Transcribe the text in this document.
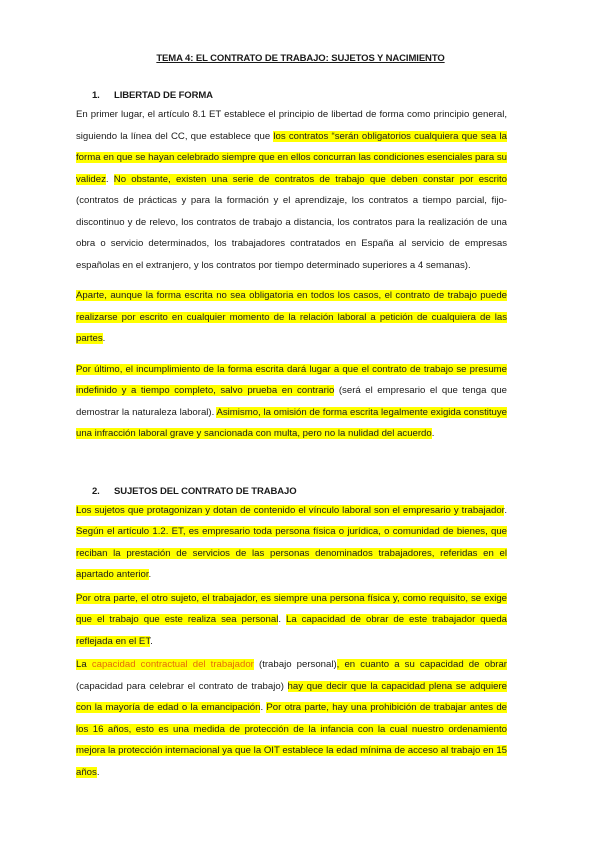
TEMA 4: EL CONTRATO DE TRABAJO: SUJETOS Y NACIMIENTO
1. LIBERTAD DE FORMA

En primer lugar, el artículo 8.1 ET establece el principio de libertad de forma como principio general, siguiendo la línea del CC, que establece que los contratos “serán obligatorios cualquiera que sea la forma en que se hayan celebrado siempre que en ellos concurran las condiciones esenciales para su validez. No obstante, existen una serie de contratos de trabajo que deben constar por escrito (contratos de prácticas y para la formación y el aprendizaje, los contratos a tiempo parcial, fijo-discontinuo y de relevo, los contratos de trabajo a distancia, los contratos para la realización de una obra o servicio determinados, los trabajadores contratados en España al servicio de empresas españolas en el extranjero, y los contratos por tiempo determinado superiores a 4 semanas).

Aparte, aunque la forma escrita no sea obligatoria en todos los casos, el contrato de trabajo puede realizarse por escrito en cualquier momento de la relación laboral a petición de cualquiera de las partes.

Por último, el incumplimiento de la forma escrita dará lugar a que el contrato de trabajo se presume indefinido y a tiempo completo, salvo prueba en contrario (será el empresario el que tenga que demostrar la naturaleza laboral). Asimismo, la omisión de forma escrita legalmente exigida constituye una infracción laboral grave y sancionada con multa, pero no la nulidad del acuerdo.

2. SUJETOS DEL CONTRATO DE TRABAJO

Los sujetos que protagonizan y dotan de contenido el vínculo laboral son el empresario y trabajador. Según el artículo 1.2. ET, es empresario toda persona física o jurídica, o comunidad de bienes, que reciban la prestación de servicios de las personas denominados trabajadores, referidas en el apartado anterior.

Por otra parte, el otro sujeto, el trabajador, es siempre una persona física y, como requisito, se exige que el trabajo que este realiza sea personal. La capacidad de obrar de este trabajador queda reflejada en el ET.

La capacidad contractual del trabajador (trabajo personal), en cuanto a su capacidad de obrar (capacidad para celebrar el contrato de trabajo) hay que decir que la capacidad plena se adquiere con la mayoría de edad o la emancipación. Por otra parte, hay una prohibición de trabajar antes de los 16 años, esto es una medida de protección de la infancia con la cual nuestro ordenamiento mejora la protección internacional ya que la OIT establece la edad mínima de acceso al trabajo en 15 años.
